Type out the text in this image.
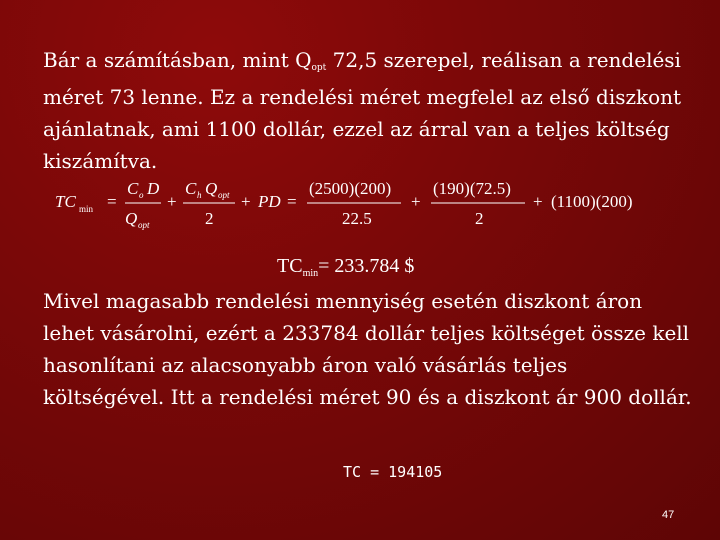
Bár a számításban, mint Qopt 72,5 szerepel, reálisan a rendelési méret 73 lenne. Ez a rendelési méret megfelel az első diszkont ajánlatnak, ami 1100 dollár, ezzel az árral van a teljes költség kiszámítva.

TC min =
C o D
Q opt
+
C h Q opt
2
+ PD =
(2500)(200)
22.5
+
(190)(72.5)
2
+ (1100)(200)
$TC_{min}= 233.784$ $

Mivel magasabb rendelési mennyiség esetén diszkont áron lehet vásárolni, ezért a 233784 dollár teljes költséget össze kell hasonlítani az alacsonyabb áron való vásárlás teljes költségével. Itt a rendelési méret 90 és a diszkont ár 900 dollár.

TC = 194105
47
